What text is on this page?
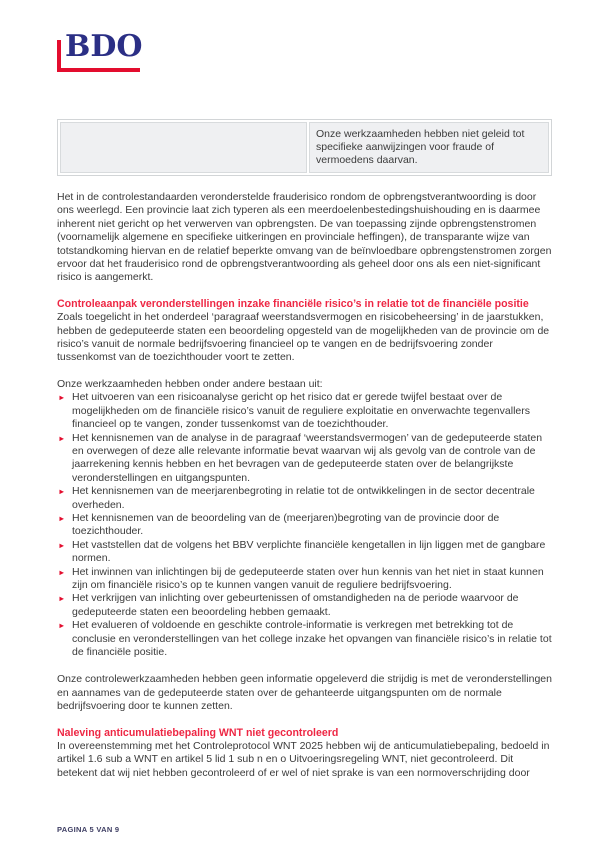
BDO
	Onze werkzaamheden hebben niet geleid tot specifieke aanwijzingen voor fraude of vermoedens daarvan.

Het in de controlestandaarden veronderstelde frauderisico rondom de opbrengstverantwoording is door ons weerlegd. Een provincie laat zich typeren als een meerdoelenbestedingshuishouding en is daarmee inherent niet gericht op het verwerven van opbrengsten. De van toepassing zijnde opbrengstenstromen (voornamelijk algemene en specifieke uitkeringen en provinciale heffingen), de transparante wijze van totstandkoming hiervan en de relatief beperkte omvang van de beïnvloedbare opbrengstenstromen zorgen ervoor dat het frauderisico rond de opbrengstverantwoording als geheel door ons als een niet-significant risico is aangemerkt.

Controleaanpak veronderstellingen inzake financiële risico’s in relatie tot de financiële positie

Zoals toegelicht in het onderdeel ‘paragraaf weerstandsvermogen en risicobeheersing’ in de jaarstukken, hebben de gedeputeerde staten een beoordeling opgesteld van de mogelijkheden van de provincie om de risico’s vanuit de normale bedrijfsvoering financieel op te vangen en de bedrijfsvoering zonder tussenkomst van de toezichthouder voort te zetten.

Onze werkzaamheden hebben onder andere bestaan uit:

► Het uitvoeren van een risicoanalyse gericht op het risico dat er gerede twijfel bestaat over de mogelijkheden om de financiële risico’s vanuit de reguliere exploitatie en onverwachte tegenvallers financieel op te vangen, zonder tussenkomst van de toezichthouder.
► Het kennisnemen van de analyse in de paragraaf ‘weerstandsvermogen’ van de gedeputeerde staten en overwegen of deze alle relevante informatie bevat waarvan wij als gevolg van de controle van de jaarrekening kennis hebben en het bevragen van de gedeputeerde staten over de belangrijkste veronderstellingen en uitgangspunten.
► Het kennisnemen van de meerjarenbegroting in relatie tot de ontwikkelingen in de sector decentrale overheden.
► Het kennisnemen van de beoordeling van de (meerjaren)begroting van de provincie door de toezichthouder.
► Het vaststellen dat de volgens het BBV verplichte financiële kengetallen in lijn liggen met de gangbare normen.
► Het inwinnen van inlichtingen bij de gedeputeerde staten over hun kennis van het niet in staat kunnen zijn om financiële risico’s op te kunnen vangen vanuit de reguliere bedrijfsvoering.
► Het verkrijgen van inlichting over gebeurtenissen of omstandigheden na de periode waarvoor de gedeputeerde staten een beoordeling hebben gemaakt.
► Het evalueren of voldoende en geschikte controle-informatie is verkregen met betrekking tot de conclusie en veronderstellingen van het college inzake het opvangen van financiële risico’s in relatie tot de financiële positie.

Onze controlewerkzaamheden hebben geen informatie opgeleverd die strijdig is met de veronderstellingen en aannames van de gedeputeerde staten over de gehanteerde uitgangspunten om de normale bedrijfsvoering door te kunnen zetten.

Naleving anticumulatiebepaling WNT niet gecontroleerd

In overeenstemming met het Controleprotocol WNT 2025 hebben wij de anticumulatiebepaling, bedoeld in artikel 1.6 sub a WNT en artikel 5 lid 1 sub n en o Uitvoeringsregeling WNT, niet gecontroleerd. Dit betekent dat wij niet hebben gecontroleerd of er wel of niet sprake is van een normoverschrijding door

PAGINA 5 VAN 9
